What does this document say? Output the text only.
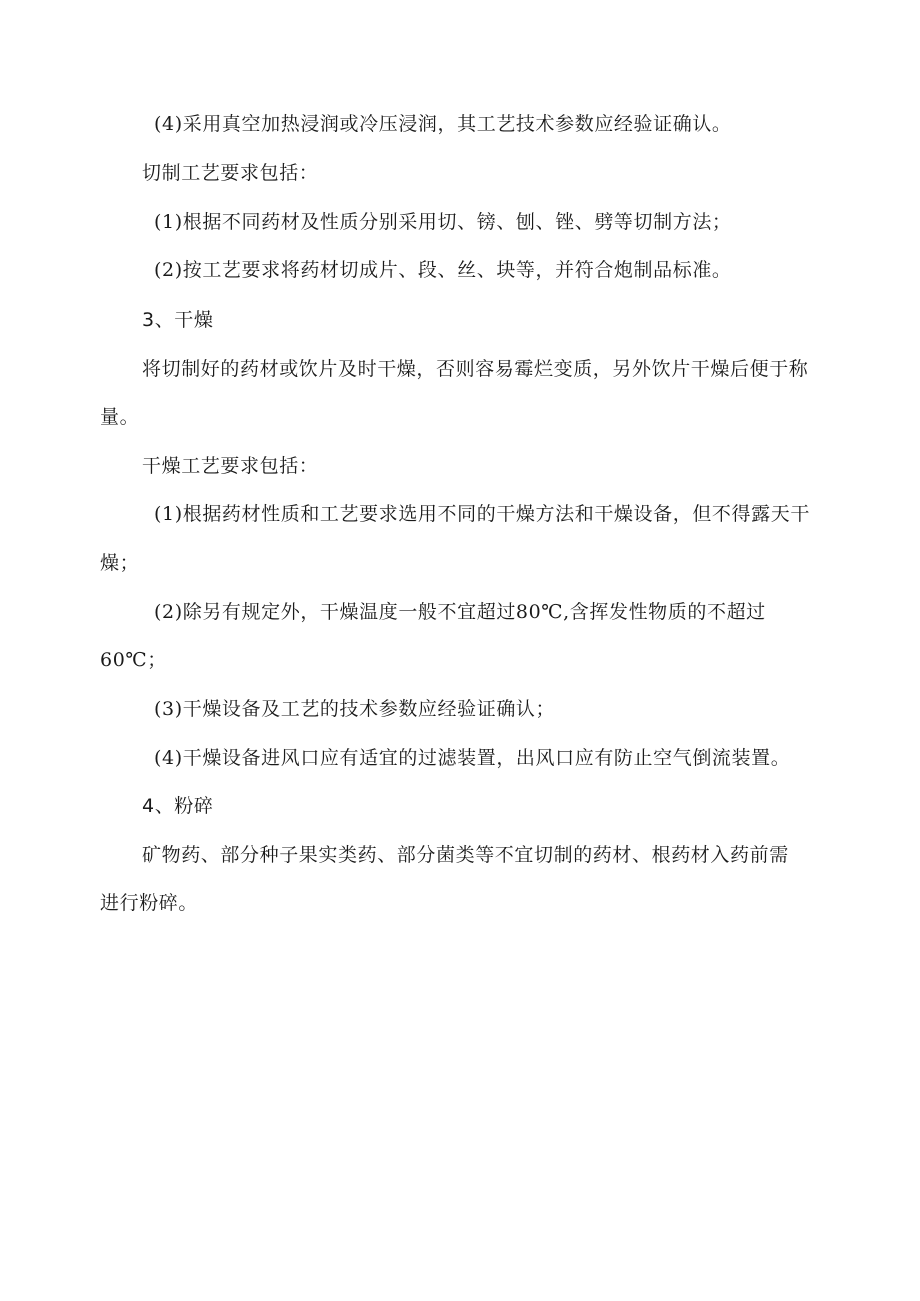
(4)采用真空加热浸润或冷压浸润，其工艺技术参数应经验证确认。
切制工艺要求包括：
(1)根据不同药材及性质分别采用切、镑、刨、锉、劈等切制方法；
(2)按工艺要求将药材切成片、段、丝、块等，并符合炮制品标准。
3、干燥
将切制好的药材或饮片及时干燥，否则容易霉烂变质，另外饮片干燥后便于称
量。
干燥工艺要求包括：
(1)根据药材性质和工艺要求选用不同的干燥方法和干燥设备，但不得露天干
燥；
(2)除另有规定外，干燥温度一般不宜超过80℃,含挥发性物质的不超过
60℃；
(3)干燥设备及工艺的技术参数应经验证确认；
(4)干燥设备进风口应有适宜的过滤装置，出风口应有防止空气倒流装置。
4、粉碎
矿物药、部分种子果实类药、部分菌类等不宜切制的药材、根药材入药前需
进行粉碎。
